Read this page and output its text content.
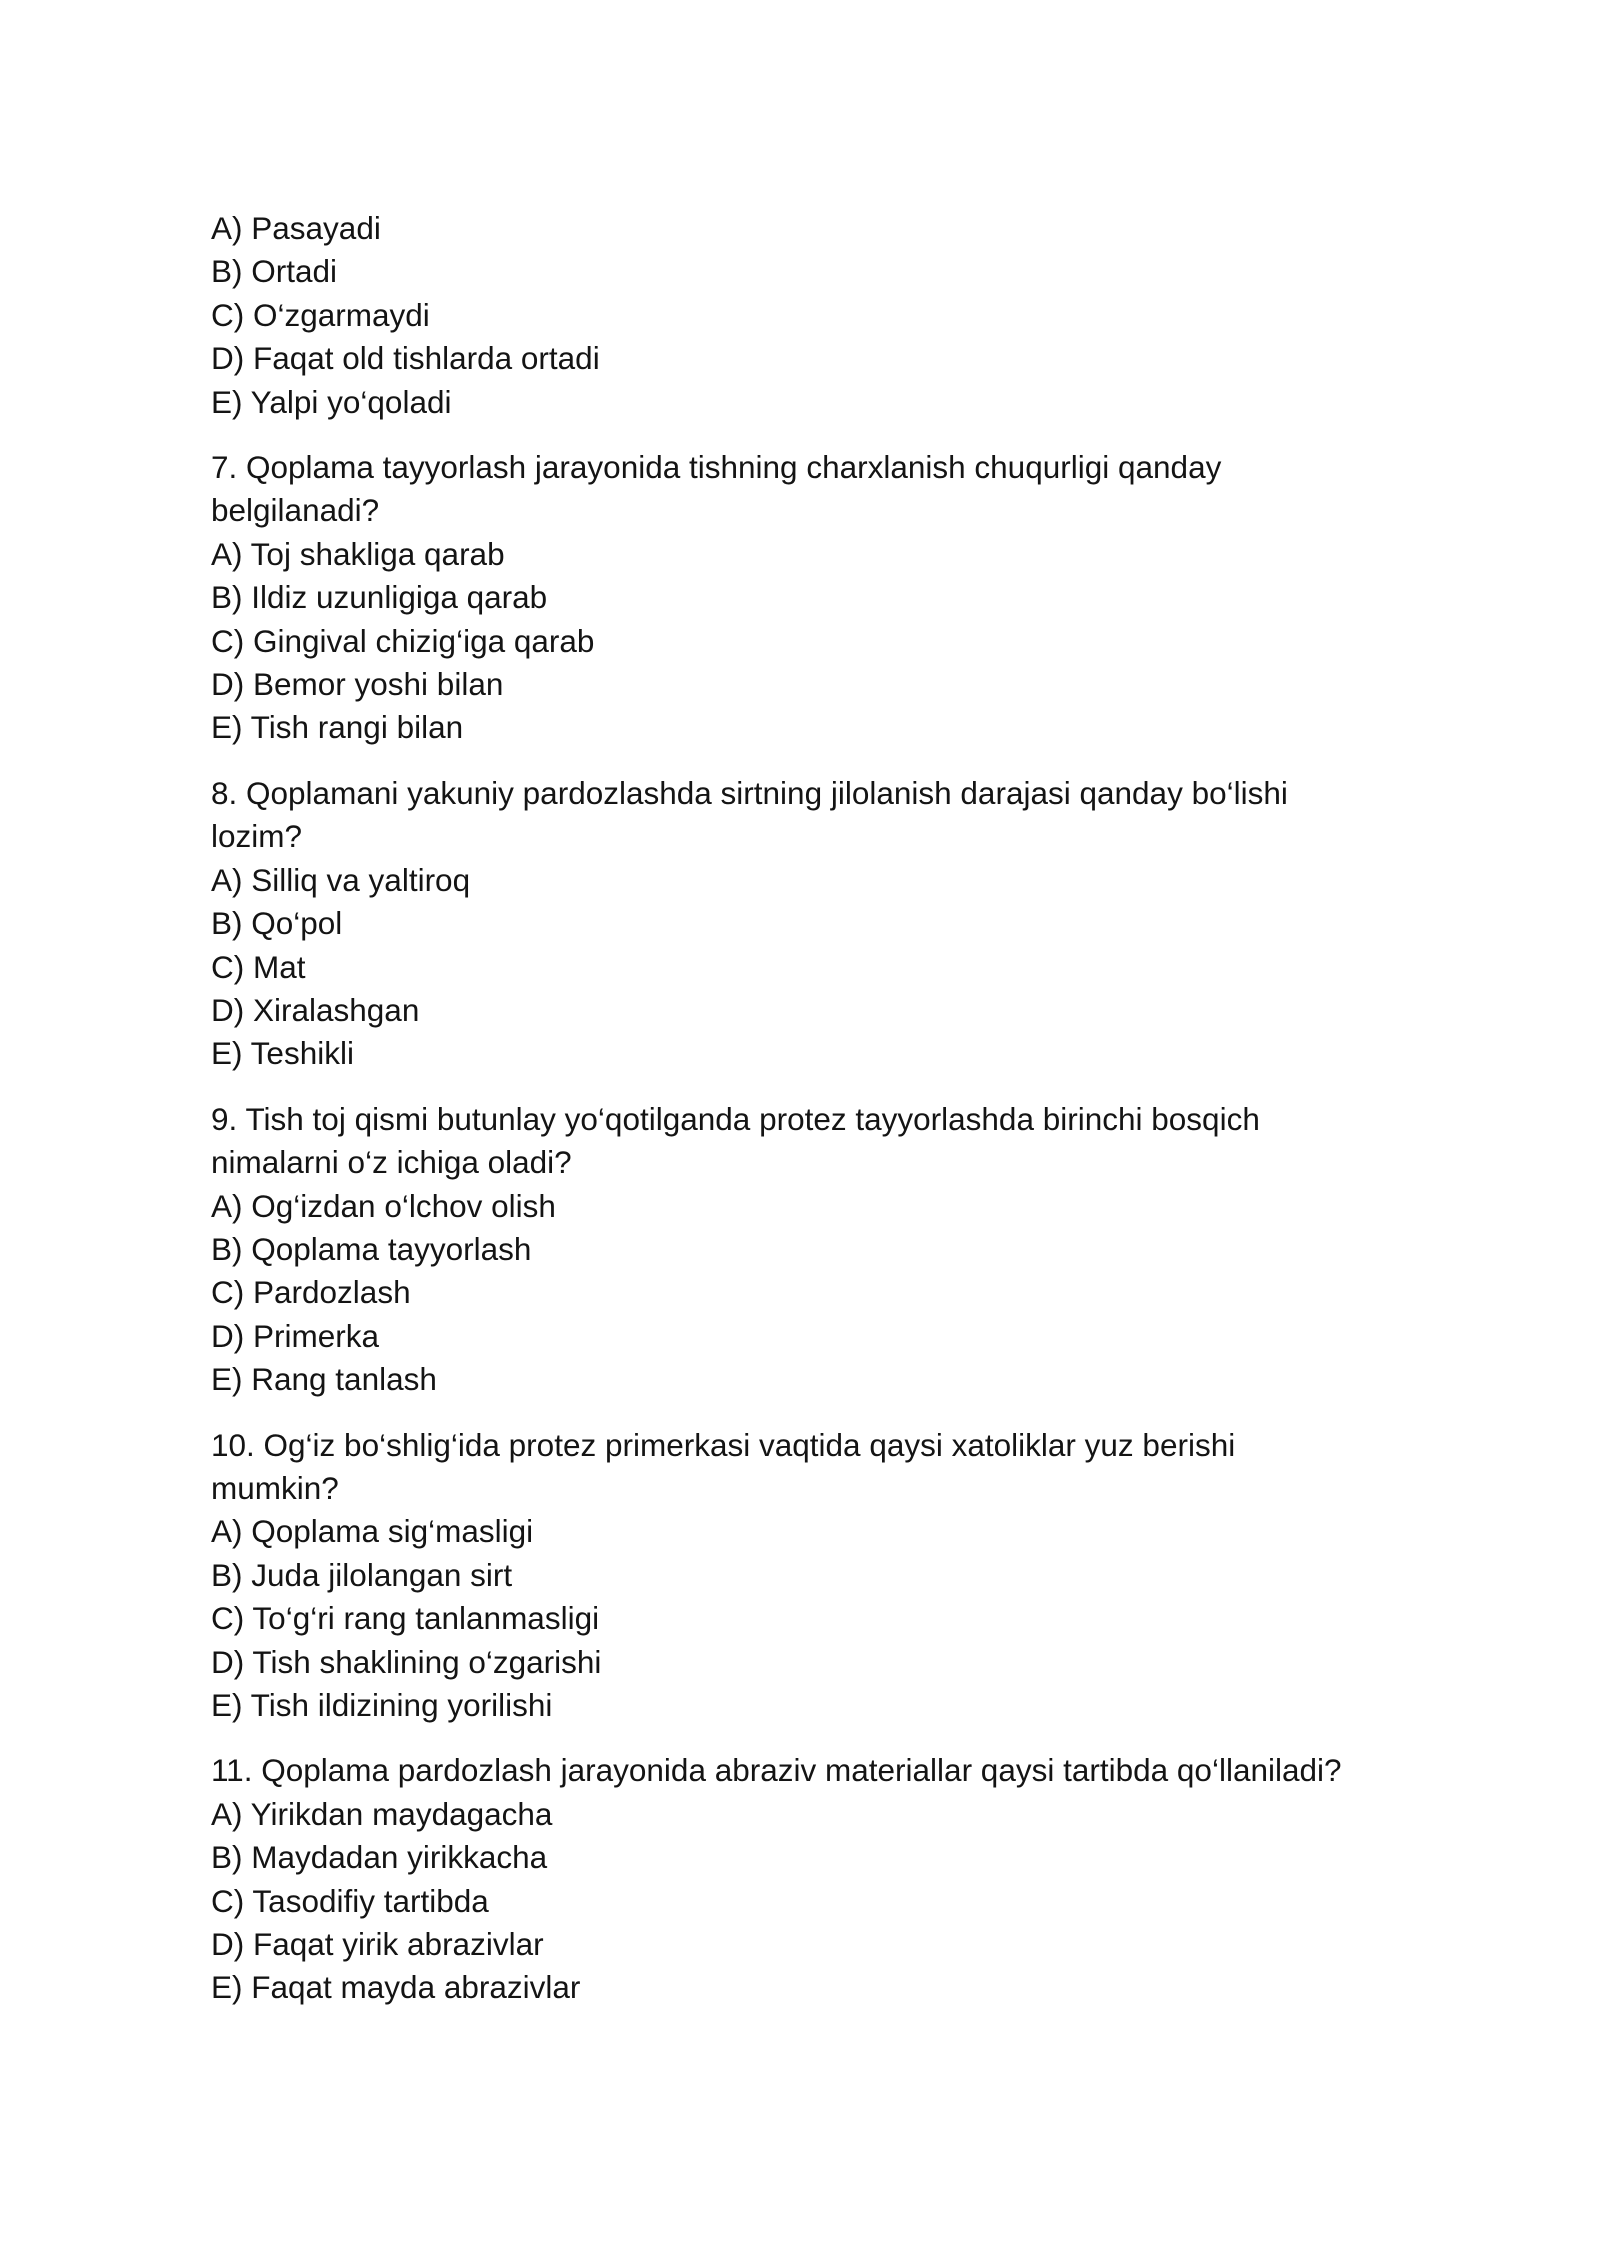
A) Pasayadi
B) Ortadi
C) O‘zgarmaydi
D) Faqat old tishlarda ortadi
E) Yalpi yo‘qoladi
7. Qoplama tayyorlash jarayonida tishning charxlanish chuqurligi qanday
belgilanadi?
A) Toj shakliga qarab
B) Ildiz uzunligiga qarab
C) Gingival chizig‘iga qarab
D) Bemor yoshi bilan
E) Tish rangi bilan
8. Qoplamani yakuniy pardozlashda sirtning jilolanish darajasi qanday bo‘lishi
lozim?
A) Silliq va yaltiroq
B) Qo‘pol
C) Mat
D) Xiralashgan
E) Teshikli
9. Tish toj qismi butunlay yo‘qotilganda protez tayyorlashda birinchi bosqich
nimalarni o‘z ichiga oladi?
A) Og‘izdan o‘lchov olish
B) Qoplama tayyorlash
C) Pardozlash
D) Primerka
E) Rang tanlash
10. Og‘iz bo‘shlig‘ida protez primerkasi vaqtida qaysi xatoliklar yuz berishi
mumkin?
A) Qoplama sig‘masligi
B) Juda jilolangan sirt
C) To‘g‘ri rang tanlanmasligi
D) Tish shaklining o‘zgarishi
E) Tish ildizining yorilishi
11. Qoplama pardozlash jarayonida abraziv materiallar qaysi tartibda qo‘llaniladi?
A) Yirikdan maydagacha
B) Maydadan yirikkacha
C) Tasodifiy tartibda
D) Faqat yirik abrazivlar
E) Faqat mayda abrazivlar
